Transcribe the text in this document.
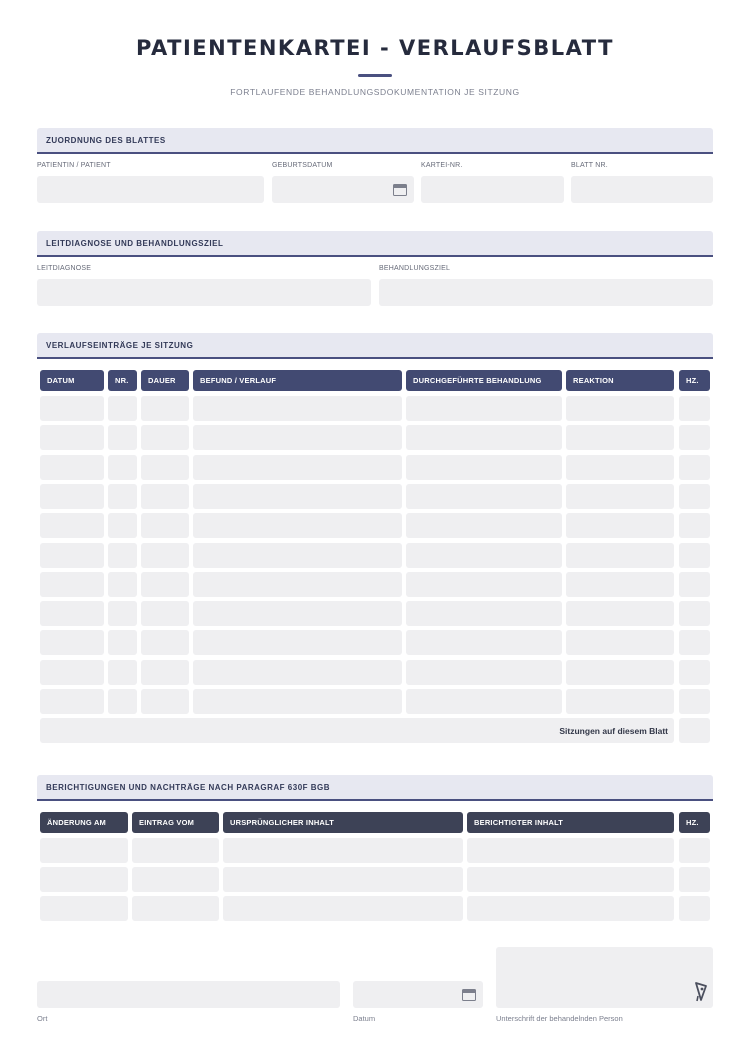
PATIENTENKARTEI - VERLAUFSBLATT
FORTLAUFENDE BEHANDLUNGSDOKUMENTATION JE SITZUNG
ZUORDNUNG DES BLATTES
PATIENTIN / PATIENT	GEBURTSDATUM	KARTEI-NR.	BLATT NR.
LEITDIAGNOSE UND BEHANDLUNGSZIEL
LEITDIAGNOSE	BEHANDLUNGSZIEL
VERLAUFSEINTRÄGE JE SITZUNG
DATUM	NR.	DAUER	BEFUND / VERLAUF	DURCHGEFÜHRTE BEHANDLUNG	REAKTION	HZ.
Sitzungen auf diesem Blatt
BERICHTIGUNGEN UND NACHTRÄGE NACH PARAGRAF 630F BGB
ÄNDERUNG AM	EINTRAG VOM	URSPRÜNGLICHER INHALT	BERICHTIGTER INHALT	HZ.
Ort	Datum	Unterschrift der behandelnden Person
